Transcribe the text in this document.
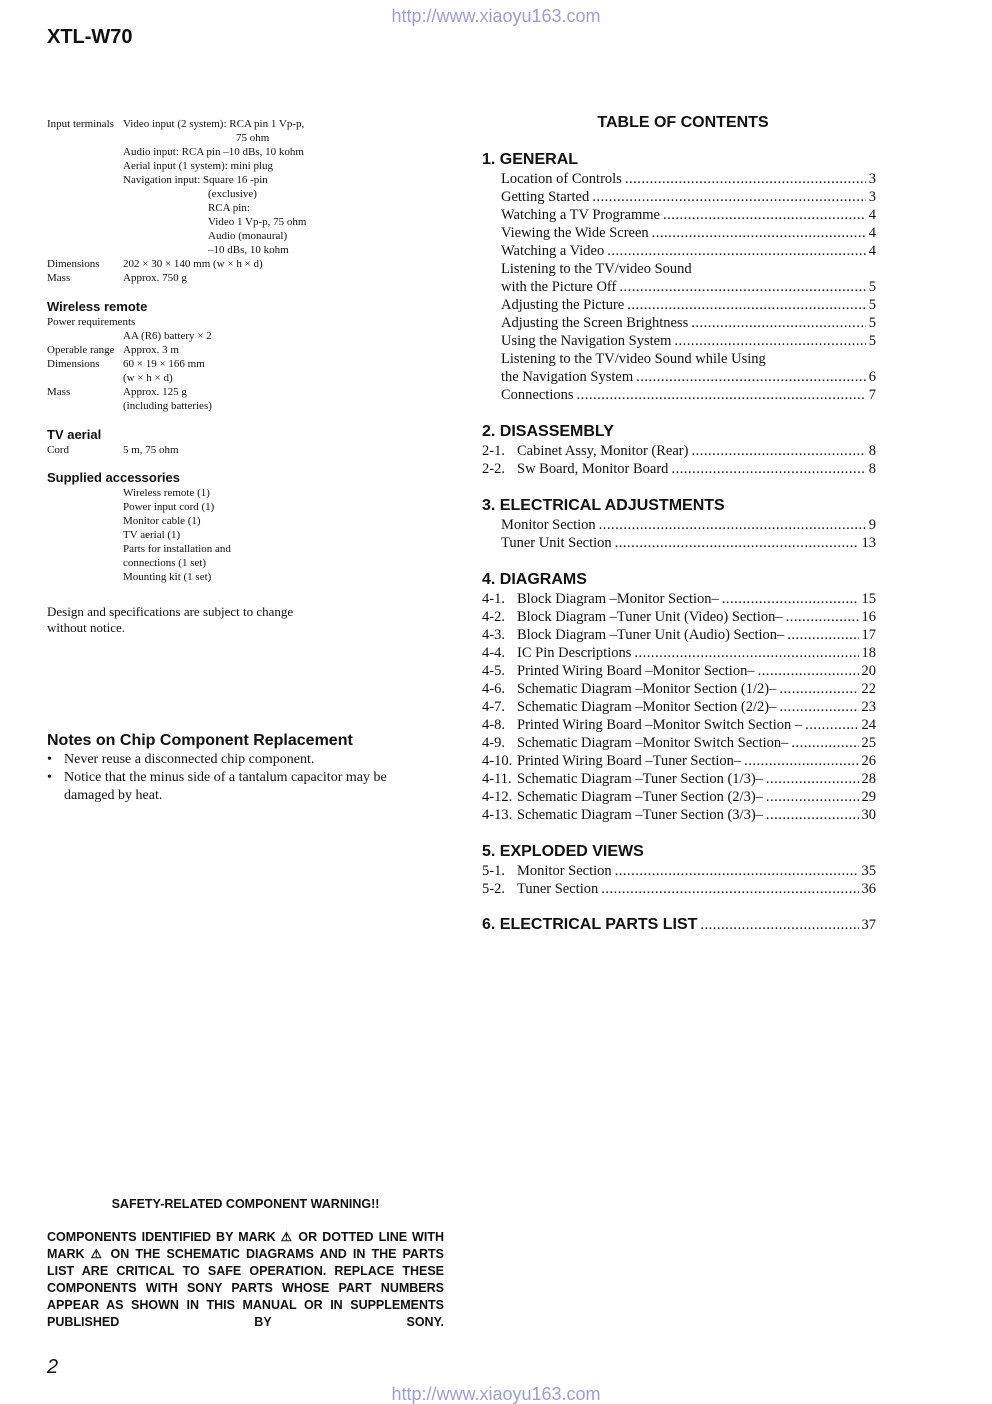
http://www.xiaoyu163.com
XTL-W70
Input terminals Video input (2 system): RCA pin 1 Vp-p,
75 ohm
Audio input: RCA pin –10 dBs, 10 kohm
Aerial input (1 system): mini plug
Navigation input: Square 16 -pin
(exclusive)
RCA pin:
Video 1 Vp-p, 75 ohm
Audio (monaural)
–10 dBs, 10 kohm
Dimensions	202 × 30 × 140 mm (w × h × d)
Mass	Approx. 750 g
Wireless remote
Power requirements
AA (R6) battery × 2
Operable range Approx. 3 m
Dimensions	60 × 19 × 166 mm
(w × h × d)
Mass	Approx. 125 g
(including batteries)
TV aerial
Cord	5 m, 75 ohm
Supplied accessories
Wireless remote (1)
Power input cord (1)
Monitor cable (1)
TV aerial (1)
Parts for installation and
connections (1 set)
Mounting kit (1 set)
Design and specifications are subject to change
without notice.
Notes on Chip Component Replacement
• Never reuse a disconnected chip component.
• Notice that the minus side of a tantalum capacitor may be damaged by heat.
TABLE OF CONTENTS
1. GENERAL
Location of Controls .....	3
Getting Started .....	3
Watching a TV Programme .....	4
Viewing the Wide Screen .....	4
Watching a Video .....	4
Listening to the TV/video Sound
with the Picture Off .....	5
Adjusting the Picture .....	5
Adjusting the Screen Brightness .....	5
Using the Navigation System .....	5
Listening to the TV/video Sound while Using
the Navigation System .....	6
Connections .....	7
2. DISASSEMBLY
2-1. Cabinet Assy, Monitor (Rear) .....	8
2-2. Sw Board, Monitor Board .....	8
3. ELECTRICAL ADJUSTMENTS
Monitor Section .....	9
Tuner Unit Section .....	13
4. DIAGRAMS
4-1. Block Diagram –Monitor Section– .....	15
4-2. Block Diagram –Tuner Unit (Video) Section– .....	16
4-3. Block Diagram –Tuner Unit (Audio) Section– .....	17
4-4. IC Pin Descriptions .....	18
4-5. Printed Wiring Board –Monitor Section– .....	20
4-6. Schematic Diagram –Monitor Section (1/2)– .....	22
4-7. Schematic Diagram –Monitor Section (2/2)– .....	23
4-8. Printed Wiring Board –Monitor Switch Section – .....	24
4-9. Schematic Diagram –Monitor Switch Section– .....	25
4-10. Printed Wiring Board –Tuner Section– .....	26
4-11. Schematic Diagram –Tuner Section (1/3)– .....	28
4-12. Schematic Diagram –Tuner Section (2/3)– .....	29
4-13. Schematic Diagram –Tuner Section (3/3)– .....	30
5. EXPLODED VIEWS
5-1. Monitor Section .....	35
5-2. Tuner Section .....	36
6. ELECTRICAL PARTS LIST .....	37
SAFETY-RELATED COMPONENT WARNING!!
COMPONENTS IDENTIFIED BY MARK ⚠ OR DOTTED LINE WITH MARK ⚠ ON THE SCHEMATIC DIAGRAMS AND IN THE PARTS LIST ARE CRITICAL TO SAFE OPERATION. REPLACE THESE COMPONENTS WITH SONY PARTS WHOSE PART NUMBERS APPEAR AS SHOWN IN THIS MANUAL OR IN SUPPLEMENTS PUBLISHED BY SONY.
2
http://www.xiaoyu163.com
